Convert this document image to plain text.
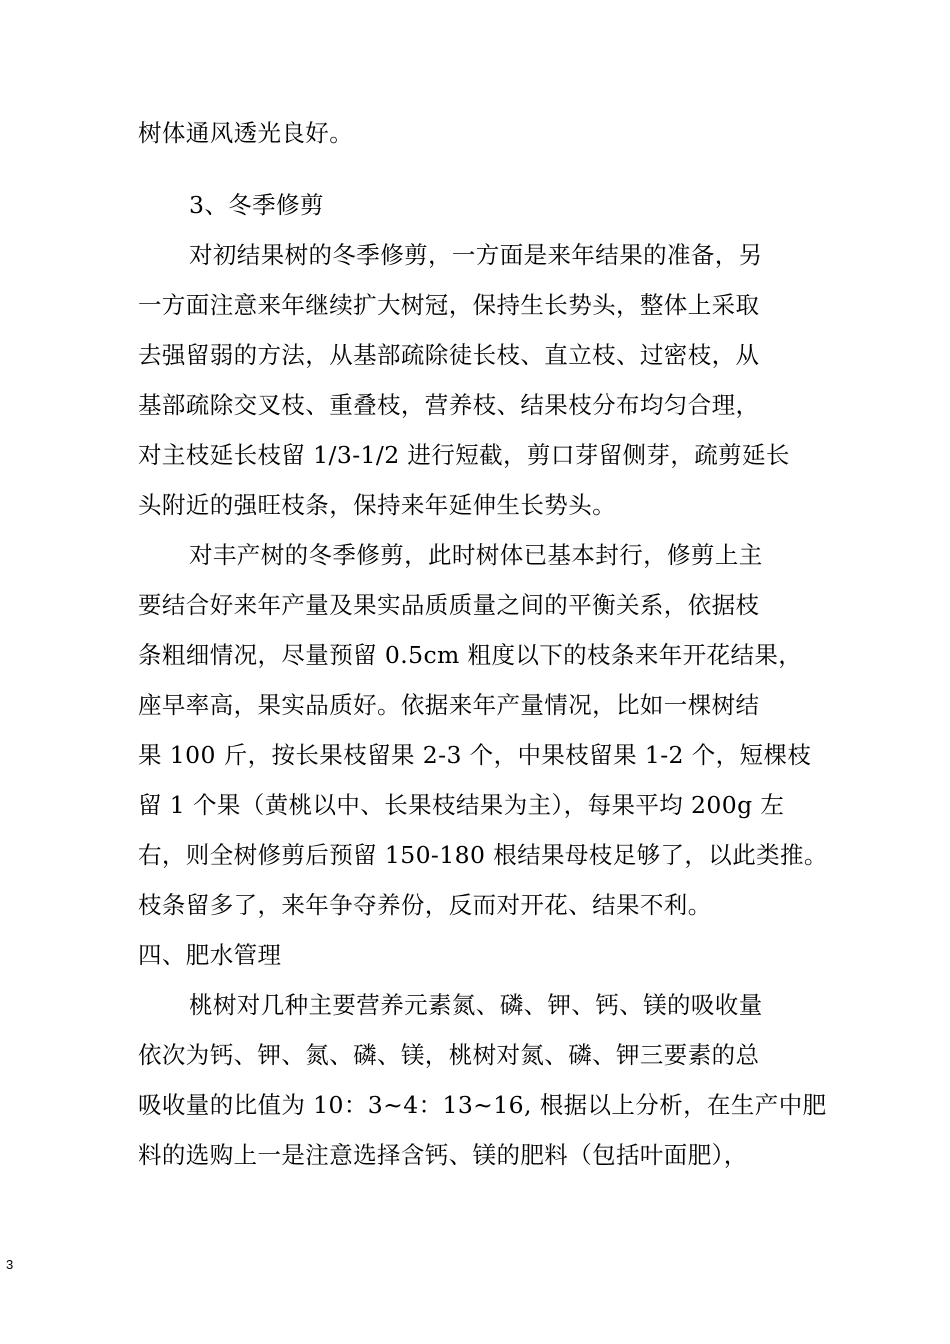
树体通风透光良好。
3、冬季修剪
对初结果树的冬季修剪，一方面是来年结果的准备，另
一方面注意来年继续扩大树冠，保持生长势头，整体上采取
去强留弱的方法，从基部疏除徒长枝、直立枝、过密枝，从
基部疏除交叉枝、重叠枝，营养枝、结果枝分布均匀合理，
对主枝延长枝留 1/3-1/2 进行短截，剪口芽留侧芽，疏剪延长
头附近的强旺枝条，保持来年延伸生长势头。
对丰产树的冬季修剪，此时树体已基本封行，修剪上主
要结合好来年产量及果实品质质量之间的平衡关系，依据枝
条粗细情况，尽量预留 0.5cm 粗度以下的枝条来年开花结果，
座早率高，果实品质好。依据来年产量情况，比如一棵树结
果 100 斤，按长果枝留果 2-3 个，中果枝留果 1-2 个，短棵枝
留 1 个果（黄桃以中、长果枝结果为主），每果平均 200g 左
右，则全树修剪后预留 150-180 根结果母枝足够了，以此类推。
枝条留多了，来年争夺养份，反而对开花、结果不利。
四、肥水管理
桃树对几种主要营养元素氮、磷、钾、钙、镁的吸收量
依次为钙、钾、氮、磷、镁，桃树对氮、磷、钾三要素的总
吸收量的比值为 10：3~4：13~16, 根据以上分析，在生产中肥
料的选购上一是注意选择含钙、镁的肥料（包括叶面肥），
3
